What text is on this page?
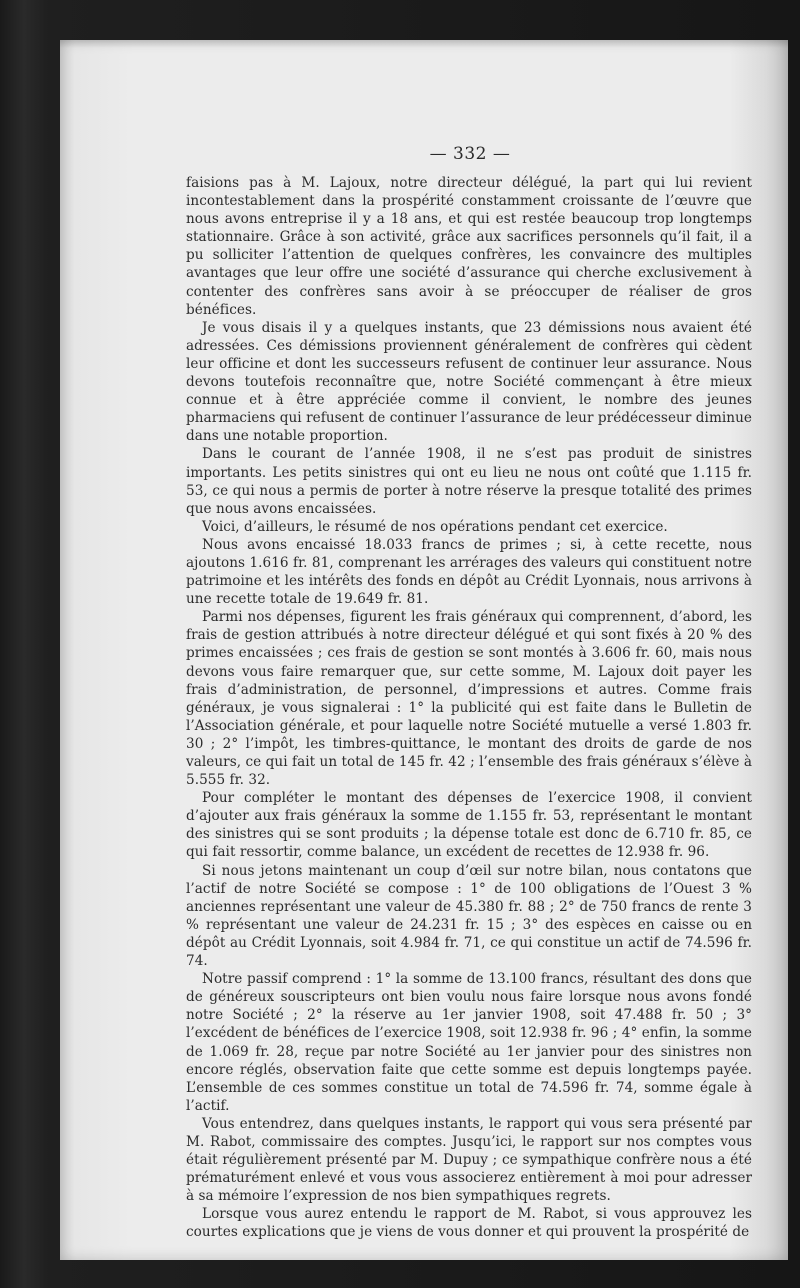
— 332 —

faisions pas à M. Lajoux, notre directeur délégué, la part qui lui revient incontestablement dans la prospérité constamment croissante de l’œuvre que nous avons entreprise il y a 18 ans, et qui est restée beaucoup trop longtemps stationnaire. Grâce à son activité, grâce aux sacrifices personnels qu’il fait, il a pu solliciter l’attention de quelques confrères, les convaincre des multiples avantages que leur offre une société d’assurance qui cherche exclusivement à contenter des confrères sans avoir à se préoccuper de réaliser de gros bénéfices.

Je vous disais il y a quelques instants, que 23 démissions nous avaient été adressées. Ces démissions proviennent généralement de confrères qui cèdent leur officine et dont les successeurs refusent de continuer leur assurance. Nous devons toutefois reconnaître que, notre Société commençant à être mieux connue et à être appréciée comme il convient, le nombre des jeunes pharmaciens qui refusent de continuer l’assurance de leur prédécesseur diminue dans une notable proportion.

Dans le courant de l’année 1908, il ne s’est pas produit de sinistres importants. Les petits sinistres qui ont eu lieu ne nous ont coûté que 1.115 fr. 53, ce qui nous a permis de porter à notre réserve la presque totalité des primes que nous avons encaissées.

Voici, d’ailleurs, le résumé de nos opérations pendant cet exercice.

Nous avons encaissé 18.033 francs de primes ; si, à cette recette, nous ajoutons 1.616 fr. 81, comprenant les arrérages des valeurs qui constituent notre patrimoine et les intérêts des fonds en dépôt au Crédit Lyonnais, nous arrivons à une recette totale de 19.649 fr. 81.

Parmi nos dépenses, figurent les frais généraux qui comprennent, d’abord, les frais de gestion attribués à notre directeur délégué et qui sont fixés à 20 % des primes encaissées ; ces frais de gestion se sont montés à 3.606 fr. 60, mais nous devons vous faire remarquer que, sur cette somme, M. Lajoux doit payer les frais d’administration, de personnel, d’impressions et autres. Comme frais généraux, je vous signalerai : 1° la publicité qui est faite dans le Bulletin de l’Association générale, et pour laquelle notre Société mutuelle a versé 1.803 fr. 30 ; 2° l’impôt, les timbres-quittance, le montant des droits de garde de nos valeurs, ce qui fait un total de 145 fr. 42 ; l’ensemble des frais généraux s’élève à 5.555 fr. 32.

Pour compléter le montant des dépenses de l’exercice 1908, il convient d’ajouter aux frais généraux la somme de 1.155 fr. 53, représentant le montant des sinistres qui se sont produits ; la dépense totale est donc de 6.710 fr. 85, ce qui fait ressortir, comme balance, un excédent de recettes de 12.938 fr. 96.

Si nous jetons maintenant un coup d’œil sur notre bilan, nous contatons que l’actif de notre Société se compose : 1° de 100 obligations de l’Ouest 3 % anciennes représentant une valeur de 45.380 fr. 88 ; 2° de 750 francs de rente 3 % représentant une valeur de 24.231 fr. 15 ; 3° des espèces en caisse ou en dépôt au Crédit Lyonnais, soit 4.984 fr. 71, ce qui constitue un actif de 74.596 fr. 74.

Notre passif comprend : 1° la somme de 13.100 francs, résultant des dons que de généreux souscripteurs ont bien voulu nous faire lorsque nous avons fondé notre Société ; 2° la réserve au 1er janvier 1908, soit 47.488 fr. 50 ; 3° l’excédent de bénéfices de l’exercice 1908, soit 12.938 fr. 96 ; 4° enfin, la somme de 1.069 fr. 28, reçue par notre Société au 1er janvier pour des sinistres non encore réglés, observation faite que cette somme est depuis longtemps payée. L’ensemble de ces sommes constitue un total de 74.596 fr. 74, somme égale à l’actif.

Vous entendrez, dans quelques instants, le rapport qui vous sera présenté par M. Rabot, commissaire des comptes. Jusqu’ici, le rapport sur nos comptes vous était régulièrement présenté par M. Dupuy ; ce sympathique confrère nous a été prématurément enlevé et vous vous associerez entièrement à moi pour adresser à sa mémoire l’expression de nos bien sympathiques regrets.

Lorsque vous aurez entendu le rapport de M. Rabot, si vous approuvez les courtes explications que je viens de vous donner et qui prouvent la prospérité de
